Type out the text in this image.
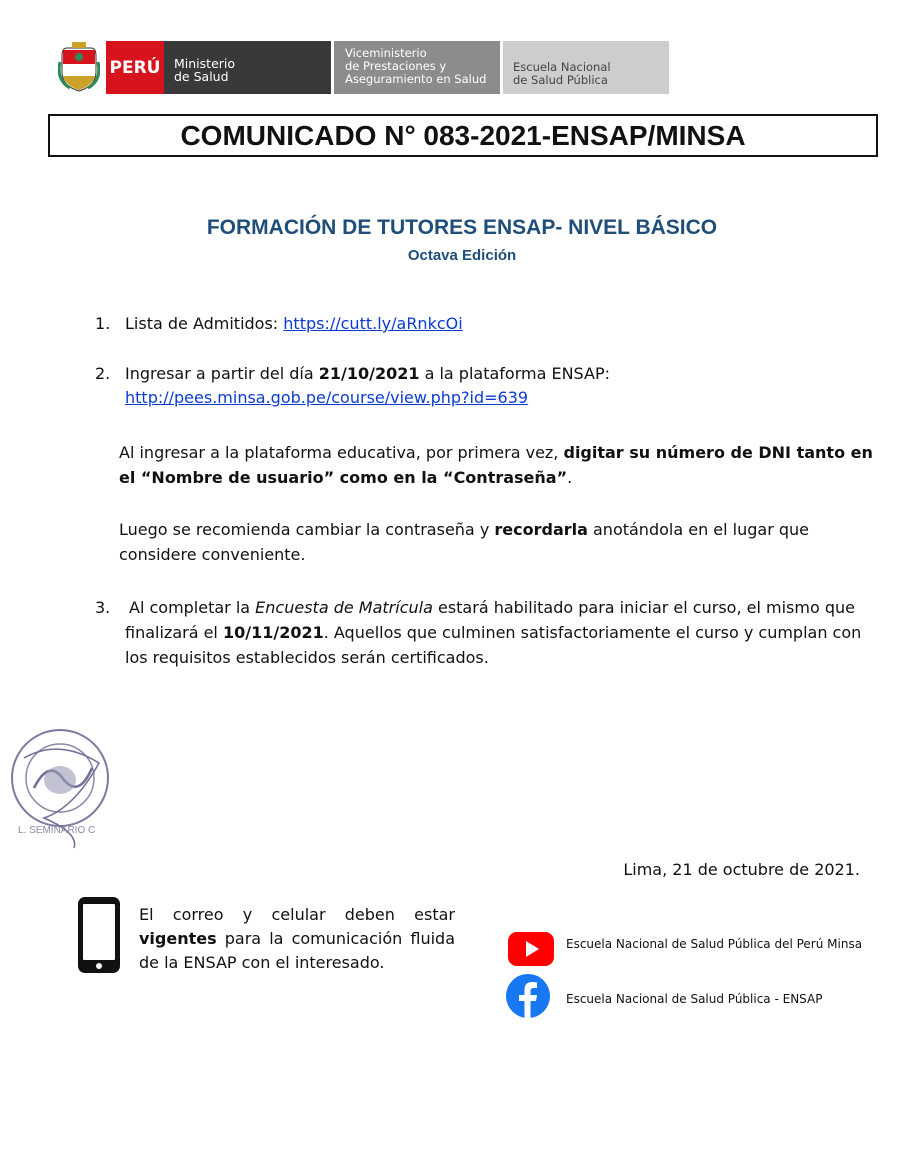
PERÚ Ministerio
de Salud
Viceministerio
de Prestaciones y
Aseguramiento en Salud
Escuela Nacional
de Salud Pública
COMUNICADO N° 083-2021-ENSAP/MINSA
FORMACIÓN DE TUTORES ENSAP- NIVEL BÁSICO
Octava Edición
1. Lista de Admitidos: https://cutt.ly/aRnkcOi
2. Ingresar a partir del día 21/10/2021 a la plataforma ENSAP:
http://pees.minsa.gob.pe/course/view.php?id=639
Al ingresar a la plataforma educativa, por primera vez, digitar su número de DNI tanto en
el “Nombre de usuario” como en la “Contraseña”.
Luego se recomienda cambiar la contraseña y recordarla anotándola en el lugar que
considere conveniente.
3. Al completar la Encuesta de Matrícula estará habilitado para iniciar el curso, el mismo que
finalizará el 10/11/2021. Aquellos que culminen satisfactoriamente el curso y cumplan con
los requisitos establecidos serán certificados.
L. SEMINARIO C
Lima, 21 de octubre de 2021.
El correo y celular deben estar vigentes para la comunicación fluida de la ENSAP con el interesado.
Escuela Nacional de Salud Pública del Perú Minsa
Escuela Nacional de Salud Pública - ENSAP
